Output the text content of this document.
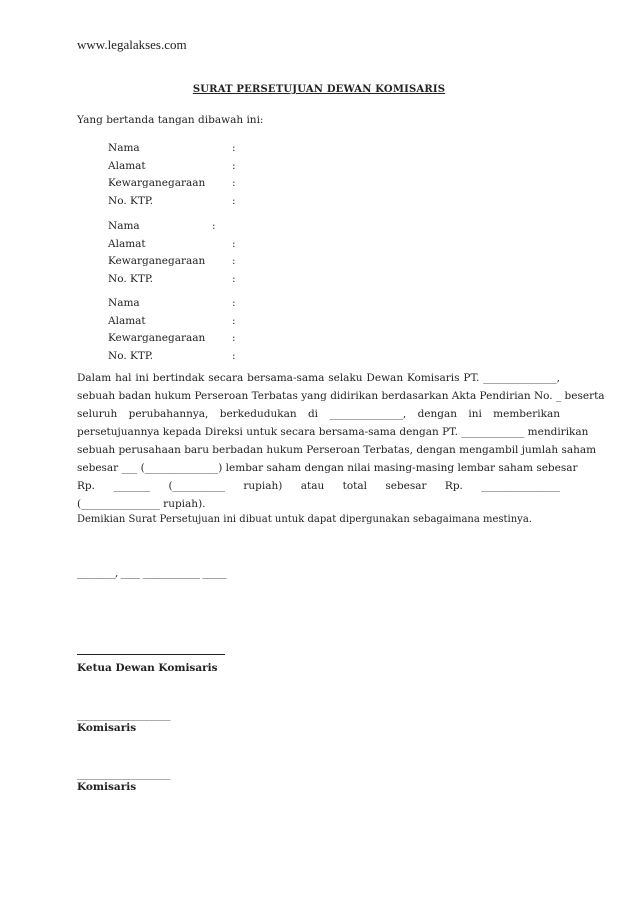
www.legalakses.com
SURAT PERSETUJUAN DEWAN KOMISARIS
Yang bertanda tangan dibawah ini:
Nama	:
Alamat	:
Kewarganegaraan	:
No. KTP.	:
Nama	:
Alamat	:
Kewarganegaraan	:
No. KTP.	:
Nama	:
Alamat	:
Kewarganegaraan	:
No. KTP.	:
Dalam hal ini bertindak secara bersama-sama selaku Dewan Komisaris PT. ______________,
sebuah badan hukum Perseroan Terbatas yang didirikan berdasarkan Akta Pendirian No. _ beserta
seluruh perubahannya, berkedudukan di ______________, dengan ini memberikan
persetujuannya kepada Direksi untuk secara bersama-sama dengan PT. ____________ mendirikan
sebuah perusahaan baru berbadan hukum Perseroan Terbatas, dengan mengambil jumlah saham
sebesar ___ (______________) lembar saham dengan nilai masing-masing lembar saham sebesar
Rp. _______ (__________ rupiah) atau total sebesar Rp. _______________
(_______________ rupiah).
Demikian Surat Persetujuan ini dibuat untuk dapat dipergunakan sebagaimana mestinya.
________, ____ ____________ _____
Ketua Dewan Komisaris
____________________
Komisaris
____________________
Komisaris
